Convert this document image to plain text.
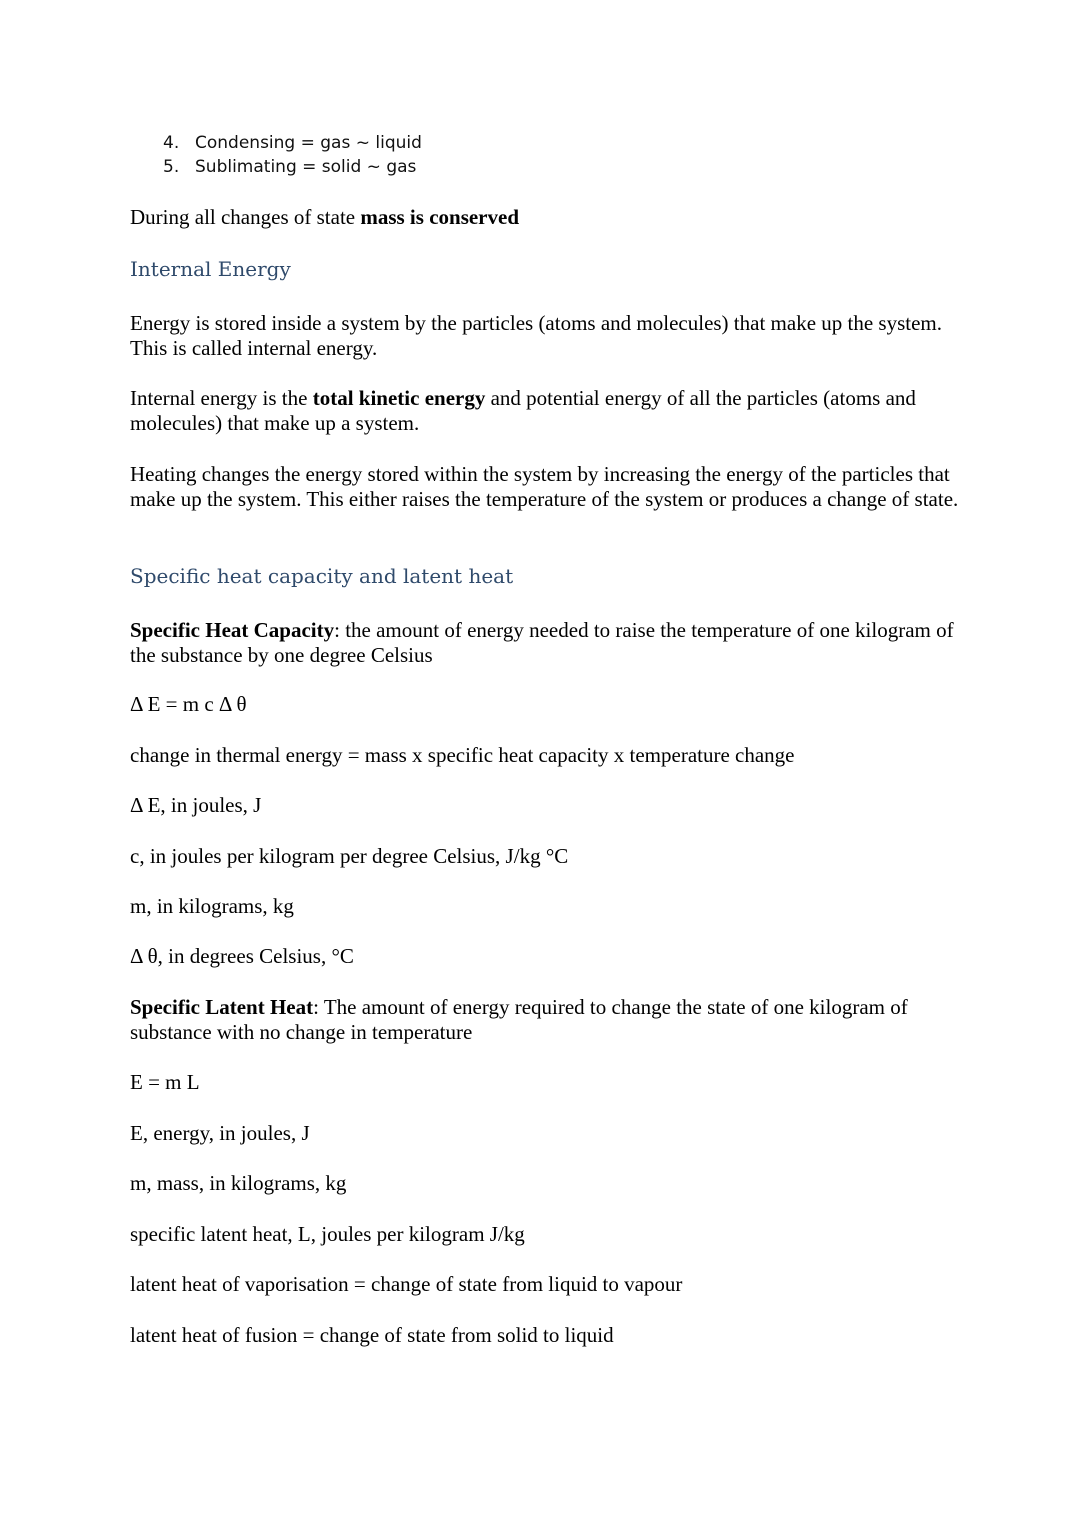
4. Condensing = gas ~ liquid
5. Sublimating = solid ~ gas

During all changes of state mass is conserved

Internal Energy

Energy is stored inside a system by the particles (atoms and molecules) that make up the system. This is called internal energy.

Internal energy is the total kinetic energy and potential energy of all the particles (atoms and molecules) that make up a system.

Heating changes the energy stored within the system by increasing the energy of the particles that make up the system. This either raises the temperature of the system or produces a change of state.

Specific heat capacity and latent heat

Specific Heat Capacity: the amount of energy needed to raise the temperature of one kilogram of the substance by one degree Celsius

Δ E = m c Δ θ

change in thermal energy = mass x specific heat capacity x temperature change

Δ E, in joules, J

c, in joules per kilogram per degree Celsius, J/kg °C

m, in kilograms, kg

Δ θ, in degrees Celsius, °C

Specific Latent Heat: The amount of energy required to change the state of one kilogram of substance with no change in temperature

E = m L

E, energy, in joules, J

m, mass, in kilograms, kg

specific latent heat, L, joules per kilogram J/kg

latent heat of vaporisation = change of state from liquid to vapour

latent heat of fusion = change of state from solid to liquid
